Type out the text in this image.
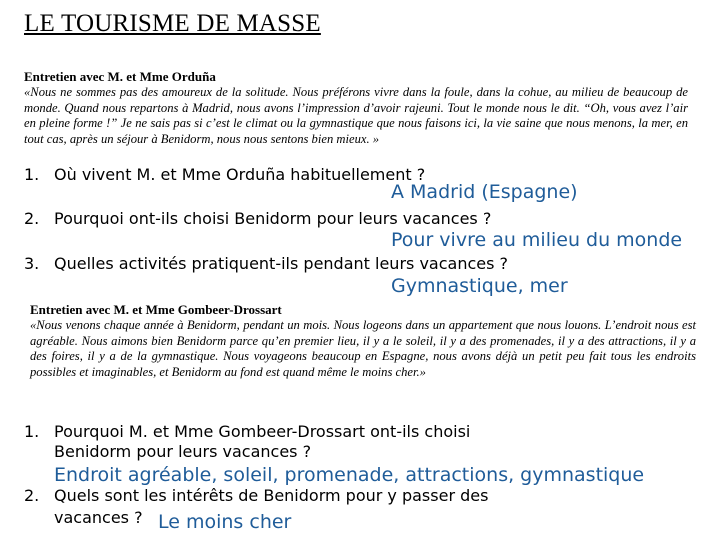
LE TOURISME DE MASSE
Entretien avec M. et Mme Orduña

«Nous ne sommes pas des amoureux de la solitude. Nous préférons vivre dans la foule, dans la cohue, au milieu de beaucoup de monde. Quand nous repartons à Madrid, nous avons l’impression d’avoir rajeuni. Tout le monde nous le dit. “Oh, vous avez l’air en pleine forme !” Je ne sais pas si c’est le climat ou la gymnastique que nous faisons ici, la vie saine que nous menons, la mer, en tout cas, après un séjour à Benidorm, nous nous sentons bien mieux. »

1. Où vivent M. et Mme Orduña habituellement ?
A Madrid (Espagne)
2. Pourquoi ont-ils choisi Benidorm pour leurs vacances ?
Pour vivre au milieu du monde
3. Quelles activités pratiquent-ils pendant leurs vacances ?
Gymnastique, mer
Entretien avec M. et Mme Gombeer-Drossart

«Nous venons chaque année à Benidorm, pendant un mois. Nous logeons dans un appartement que nous louons. L’endroit nous est agréable. Nous aimons bien Benidorm parce qu’en premier lieu, il y a le soleil, il y a des promenades, il y a des attractions, il y a des foires, il y a de la gymnastique. Nous voyageons beaucoup en Espagne, nous avons déjà un petit peu fait tous les endroits possibles et imaginables, et Benidorm au fond est quand même le moins cher.»

1. Pourquoi M. et Mme Gombeer-Drossart ont-ils choisi
Benidorm pour leurs vacances ?
Endroit agréable, soleil, promenade, attractions, gymnastique
2. Quels sont les intérêts de Benidorm pour y passer des
vacances ? Le moins cher
